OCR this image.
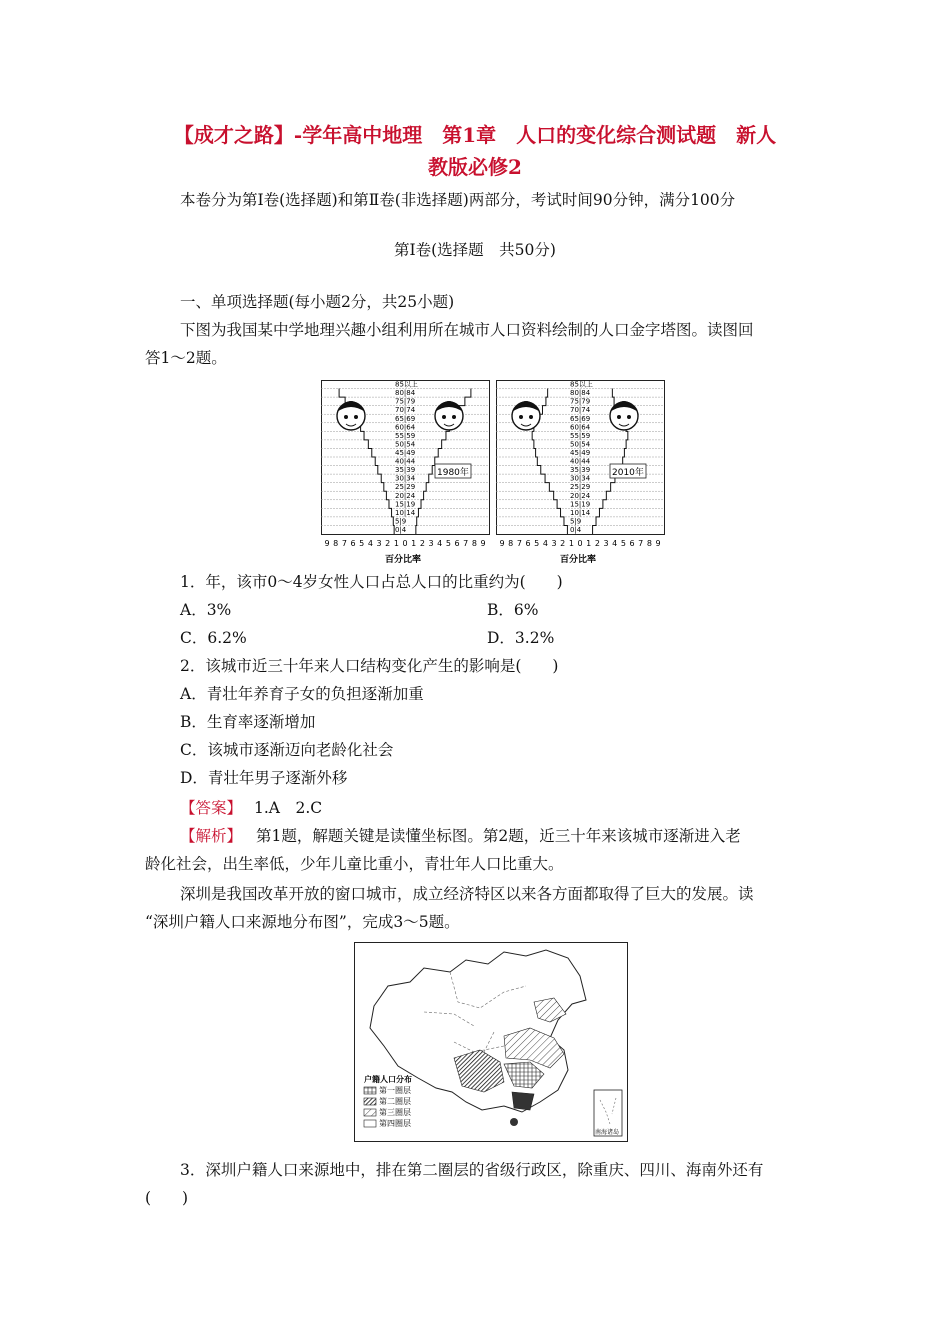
【成才之路】-学年高中地理　第1章　人口的变化综合测试题　新人
教版必修2
本卷分为第Ⅰ卷(选择题)和第Ⅱ卷(非选择题)两部分，考试时间90分钟，满分100分
第Ⅰ卷(选择题　共50分)
一、单项选择题(每小题2分，共25小题)
下图为我国某中学地理兴趣小组利用所在城市人口资料绘制的人口金字塔图。读图回
答1～2题。
85以上
80|84
75|79
70|74
65|69
60|64
55|59
50|54
45|49
40|44
35|39
30|34
25|29
20|24
15|19
10|14
5|9
0|4
1980年
9 8 7 6 5 4 3 2 1 0 1 2 3 4 5 6 7 8 9
百分比率
85以上
80|84
75|79
70|74
65|69
60|64
55|59
50|54
45|49
40|44
35|39
30|34
25|29
20|24
15|19
10|14
5|9
0|4
2010年
9 8 7 6 5 4 3 2 1 0 1 2 3 4 5 6 7 8 9
百分比率
1．年，该市0～4岁女性人口占总人口的比重约为(　　)
A．3%	B．6%
C．6.2%	D．3.2%
2．该城市近三十年来人口结构变化产生的影响是(　　)
A．青壮年养育子女的负担逐渐加重
B．生育率逐渐增加
C．该城市逐渐迈向老龄化社会
D．青壮年男子逐渐外移
【答案】 1.A　2.C
【解析】 第1题，解题关键是读懂坐标图。第2题，近三十年来该城市逐渐进入老
龄化社会，出生率低，少年儿童比重小，青壮年人口比重大。
深圳是我国改革开放的窗口城市，成立经济特区以来各方面都取得了巨大的发展。读
“深圳户籍人口来源地分布图”，完成3～5题。
户籍人口分布
第一圈层
第二圈层
第三圈层
第四圈层
南海诸岛
3．深圳户籍人口来源地中，排在第二圈层的省级行政区，除重庆、四川、海南外还有
(　　)
